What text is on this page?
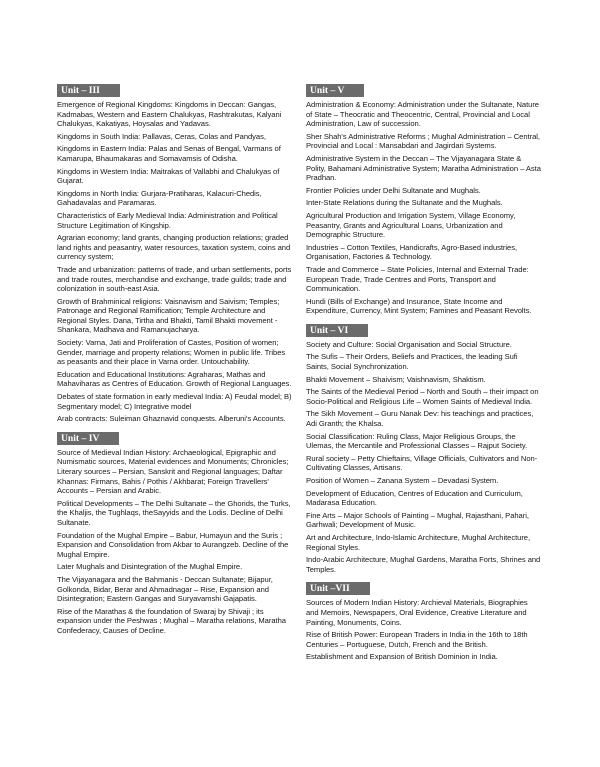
Unit – III
Emergence of Regional Kingdoms: Kingdoms in Deccan: Gangas, Kadmabas, Western and Eastern Chalukyas, Rashtrakutas, Kalyani Chalukyas, Kakatiyas, Hoysalas and Yadavas.
Kingdoms in South India: Pallavas, Ceras, Colas and Pandyas,
Kingdoms in Eastern India: Palas and Senas of Bengal, Varmans of Kamarupa, Bhaumakaras and Somavamsis of Odisha.
Kingdoms in Western India: Maitrakas of Vallabhi and Chalukyas of Gujarat.
Kingdoms in North India: Gurjara-Pratiharas, Kalacuri-Chedis, Gahadavalas and Paramaras.
Characteristics of Early Medieval India: Administration and Political Structure Legitimation of Kingship.
Agrarian economy; land grants, changing production relations; graded land rights and peasantry, water resources, taxation system, coins and currency system;
Trade and urbanization: patterns of trade, and urban settlements, ports and trade routes, merchandise and exchange, trade guilds; trade and colonization in south-east Asia.
Growth of Brahminical religions: Vaisnavism and Saivism; Temples; Patronage and Regional Ramification; Temple Architecture and Regional Styles. Dana, Tirtha and Bhakti, Tamil Bhakti movement - Shankara, Madhava and Ramanujacharya.
Society: Varna, Jati and Proliferation of Castes, Position of women; Gender, marriage and property relations; Women in public life. Tribes as peasants and their place in Varna order. Untouchability.
Education and Educational Institutions: Agraharas, Mathas and Mahaviharas as Centres of Education. Growth of Regional Languages.
Debates of state formation in early medieval India: A) Feudal model; B) Segmentary model; C) Integrative model
Arab contracts: Suleiman Ghaznavid conquests. Alberuni's Accounts.
Unit – IV
Source of Medieval Indian History: Archaeological, Epigraphic and Numismatic sources, Material evidences and Monuments; Chronicles; Literary sources – Persian, Sanskrit and Regional languages; Daftar Khannas: Firmans, Bahis / Pothis / Akhbarat; Foreign Travellers' Accounts – Persian and Arabic.
Political Developments – The Delhi Sultanate – the Ghorids, the Turks, the Khaljis, the Tughlaqs, theSayyids and the Lodis. Decline of Delhi Sultanate.
Foundation of the Mughal Empire – Babur, Humayun and the Suris ; Expansion and Consolidation from Akbar to Aurangzeb. Decline of the Mughal Empire.
Later Mughals and Disintegration of the Mughal Empire.
The Vijayanagara and the Bahmanis - Deccan Sultanate; Bijapur, Golkonda, Bidar, Berar and Ahmadnagar – Rise, Expansion and Disintegration; Eastern Gangas and Suryavamshi Gajapatis.
Rise of the Marathas & the foundation of Swaraj by Shivaji ; its expansion under the Peshwas ; Mughal – Maratha relations, Maratha Confederacy, Causes of Decline.
Unit – V
Administration & Economy: Administration under the Sultanate, Nature of State – Theocratic and Theocentric, Central, Provincial and Local Administration, Law of succession.
Sher Shah's Administrative Reforms ; Mughal Administration – Central, Provincial and Local : Mansabdari and Jagirdari Systems.
Administrative System in the Deccan – The Vijayanagara State & Polity, Bahamani Administrative System; Maratha Administration – Asta Pradhan.
Frontier Policies under Delhi Sultanate and Mughals.
Inter-State Relations during the Sultanate and the Mughals.
Agricultural Production and Irrigation System, Village Economy, Peasantry, Grants and Agricultural Loans, Urbanization and Demographic Structure.
Industries – Cotton Textiles, Handicrafts, Agro-Based industries, Organisation, Factories & Technology.
Trade and Commerce – State Policies, Internal and External Trade: European Trade, Trade Centres and Ports, Transport and Communication.
Hundi (Bills of Exchange) and Insurance, State Income and Expenditure, Currency, Mint System; Famines and Peasant Revolts.
Unit – VI
Society and Culture: Social Organisation and Social Structure.
The Sufis – Their Orders, Beliefs and Practices, the leading Sufi Saints, Social Synchronization.
Bhakti Movement – Shaivism; Vaishnavism, Shaktism.
The Saints of the Medieval Period – North and South – their impact on Socio-Political and Religious Life – Women Saints of Medieval India.
The Sikh Movement – Guru Nanak Dev: his teachings and practices, Adi Granth; the Khalsa.
Social Classification: Ruling Class, Major Religious Groups, the Ulemas, the Mercantile and Professional Classes – Rajput Society.
Rural society – Petty Chieftains, Village Officials, Cultivators and Non-Cultivating Classes, Artisans.
Position of Women – Zanana System – Devadasi System.
Development of Education, Centres of Education and Curriculum, Madarasa Education.
Fine Arts – Major Schools of Painting – Mughal, Rajasthani, Pahari, Garhwali; Development of Music.
Art and Architecture, Indo-Islamic Architecture, Mughal Architecture, Regional Styles.
Indo-Arabic Architecture, Mughal Gardens, Maratha Forts, Shrines and Temples.
Unit –VII
Sources of Modern Indian History: Archieval Materials, Biographies and Memoirs, Newspapers, Oral Evidence, Creative Literature and Painting, Monuments, Coins.
Rise of British Power: European Traders in India in the 16th to 18th Centuries – Portuguese, Dutch, French and the British.
Establishment and Expansion of British Dominion in India.
